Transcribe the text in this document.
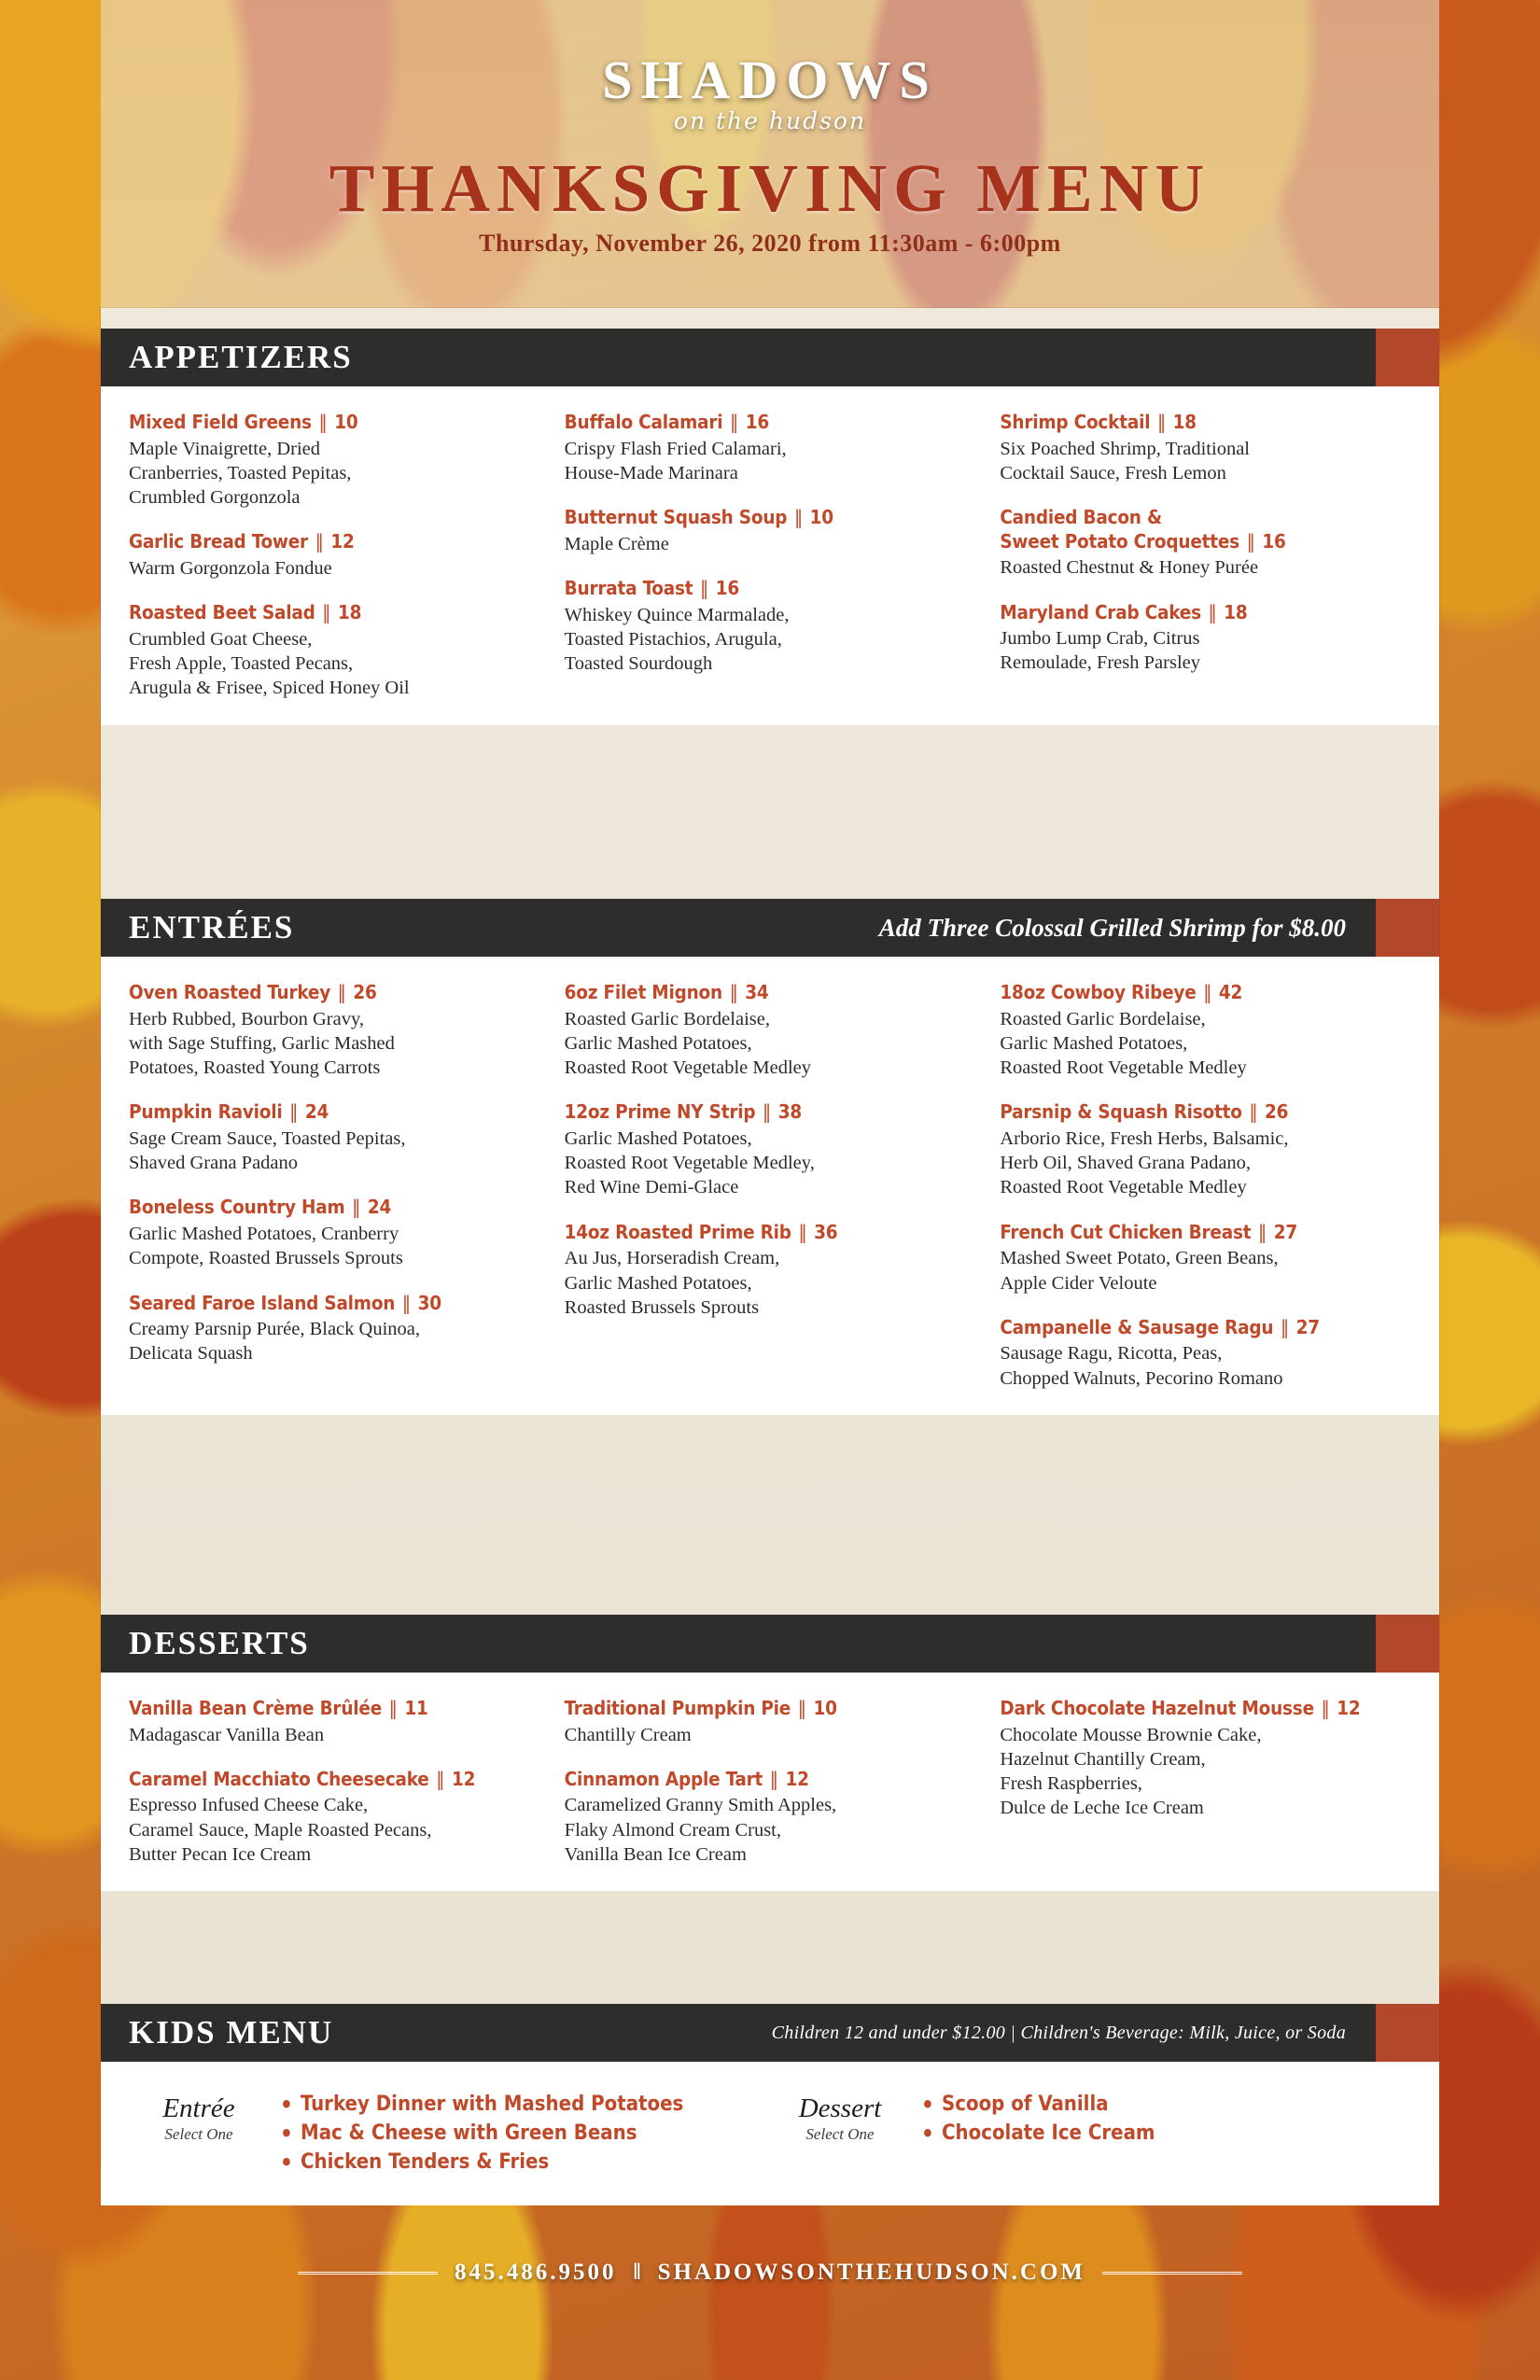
SHADOWS
on the hudson
THANKSGIVING MENU
Thursday, November 26, 2020 from 11:30am - 6:00pm
APPETIZERS
Mixed Field Greens ‖ 10
Maple Vinaigrette, Dried
Cranberries, Toasted Pepitas,
Crumbled Gorgonzola
Garlic Bread Tower ‖ 12
Warm Gorgonzola Fondue
Roasted Beet Salad ‖ 18
Crumbled Goat Cheese,
Fresh Apple, Toasted Pecans,
Arugula & Frisee, Spiced Honey Oil
Buffalo Calamari ‖ 16
Crispy Flash Fried Calamari,
House-Made Marinara
Butternut Squash Soup ‖ 10
Maple Crème
Burrata Toast ‖ 16
Whiskey Quince Marmalade,
Toasted Pistachios, Arugula,
Toasted Sourdough
Shrimp Cocktail ‖ 18
Six Poached Shrimp, Traditional
Cocktail Sauce, Fresh Lemon
Candied Bacon &
Sweet Potato Croquettes ‖ 16
Roasted Chestnut & Honey Purée
Maryland Crab Cakes ‖ 18
Jumbo Lump Crab, Citrus
Remoulade, Fresh Parsley
ENTRÉES	Add Three Colossal Grilled Shrimp for $8.00
Oven Roasted Turkey ‖ 26
Herb Rubbed, Bourbon Gravy,
with Sage Stuffing, Garlic Mashed
Potatoes, Roasted Young Carrots
Pumpkin Ravioli ‖ 24
Sage Cream Sauce, Toasted Pepitas,
Shaved Grana Padano
Boneless Country Ham ‖ 24
Garlic Mashed Potatoes, Cranberry
Compote, Roasted Brussels Sprouts
Seared Faroe Island Salmon ‖ 30
Creamy Parsnip Purée, Black Quinoa,
Delicata Squash
6oz Filet Mignon ‖ 34
Roasted Garlic Bordelaise,
Garlic Mashed Potatoes,
Roasted Root Vegetable Medley
12oz Prime NY Strip ‖ 38
Garlic Mashed Potatoes,
Roasted Root Vegetable Medley,
Red Wine Demi-Glace
14oz Roasted Prime Rib ‖ 36
Au Jus, Horseradish Cream,
Garlic Mashed Potatoes,
Roasted Brussels Sprouts
18oz Cowboy Ribeye ‖ 42
Roasted Garlic Bordelaise,
Garlic Mashed Potatoes,
Roasted Root Vegetable Medley
Parsnip & Squash Risotto ‖ 26
Arborio Rice, Fresh Herbs, Balsamic,
Herb Oil, Shaved Grana Padano,
Roasted Root Vegetable Medley
French Cut Chicken Breast ‖ 27
Mashed Sweet Potato, Green Beans,
Apple Cider Veloute
Campanelle & Sausage Ragu ‖ 27
Sausage Ragu, Ricotta, Peas,
Chopped Walnuts, Pecorino Romano
DESSERTS
Vanilla Bean Crème Brûlée ‖ 11
Madagascar Vanilla Bean
Caramel Macchiato Cheesecake ‖ 12
Espresso Infused Cheese Cake,
Caramel Sauce, Maple Roasted Pecans,
Butter Pecan Ice Cream
Traditional Pumpkin Pie ‖ 10
Chantilly Cream
Cinnamon Apple Tart ‖ 12
Caramelized Granny Smith Apples,
Flaky Almond Cream Crust,
Vanilla Bean Ice Cream
Dark Chocolate Hazelnut Mousse ‖ 12
Chocolate Mousse Brownie Cake,
Hazelnut Chantilly Cream,
Fresh Raspberries,
Dulce de Leche Ice Cream
KIDS MENU	Children 12 and under $12.00 | Children's Beverage: Milk, Juice, or Soda
Entrée
Select One
• Turkey Dinner with Mashed Potatoes
• Mac & Cheese with Green Beans
• Chicken Tenders & Fries
Dessert
Select One
• Scoop of Vanilla
• Chocolate Ice Cream
845.486.9500 ‖ SHADOWSONTHEHUDSON.COM
